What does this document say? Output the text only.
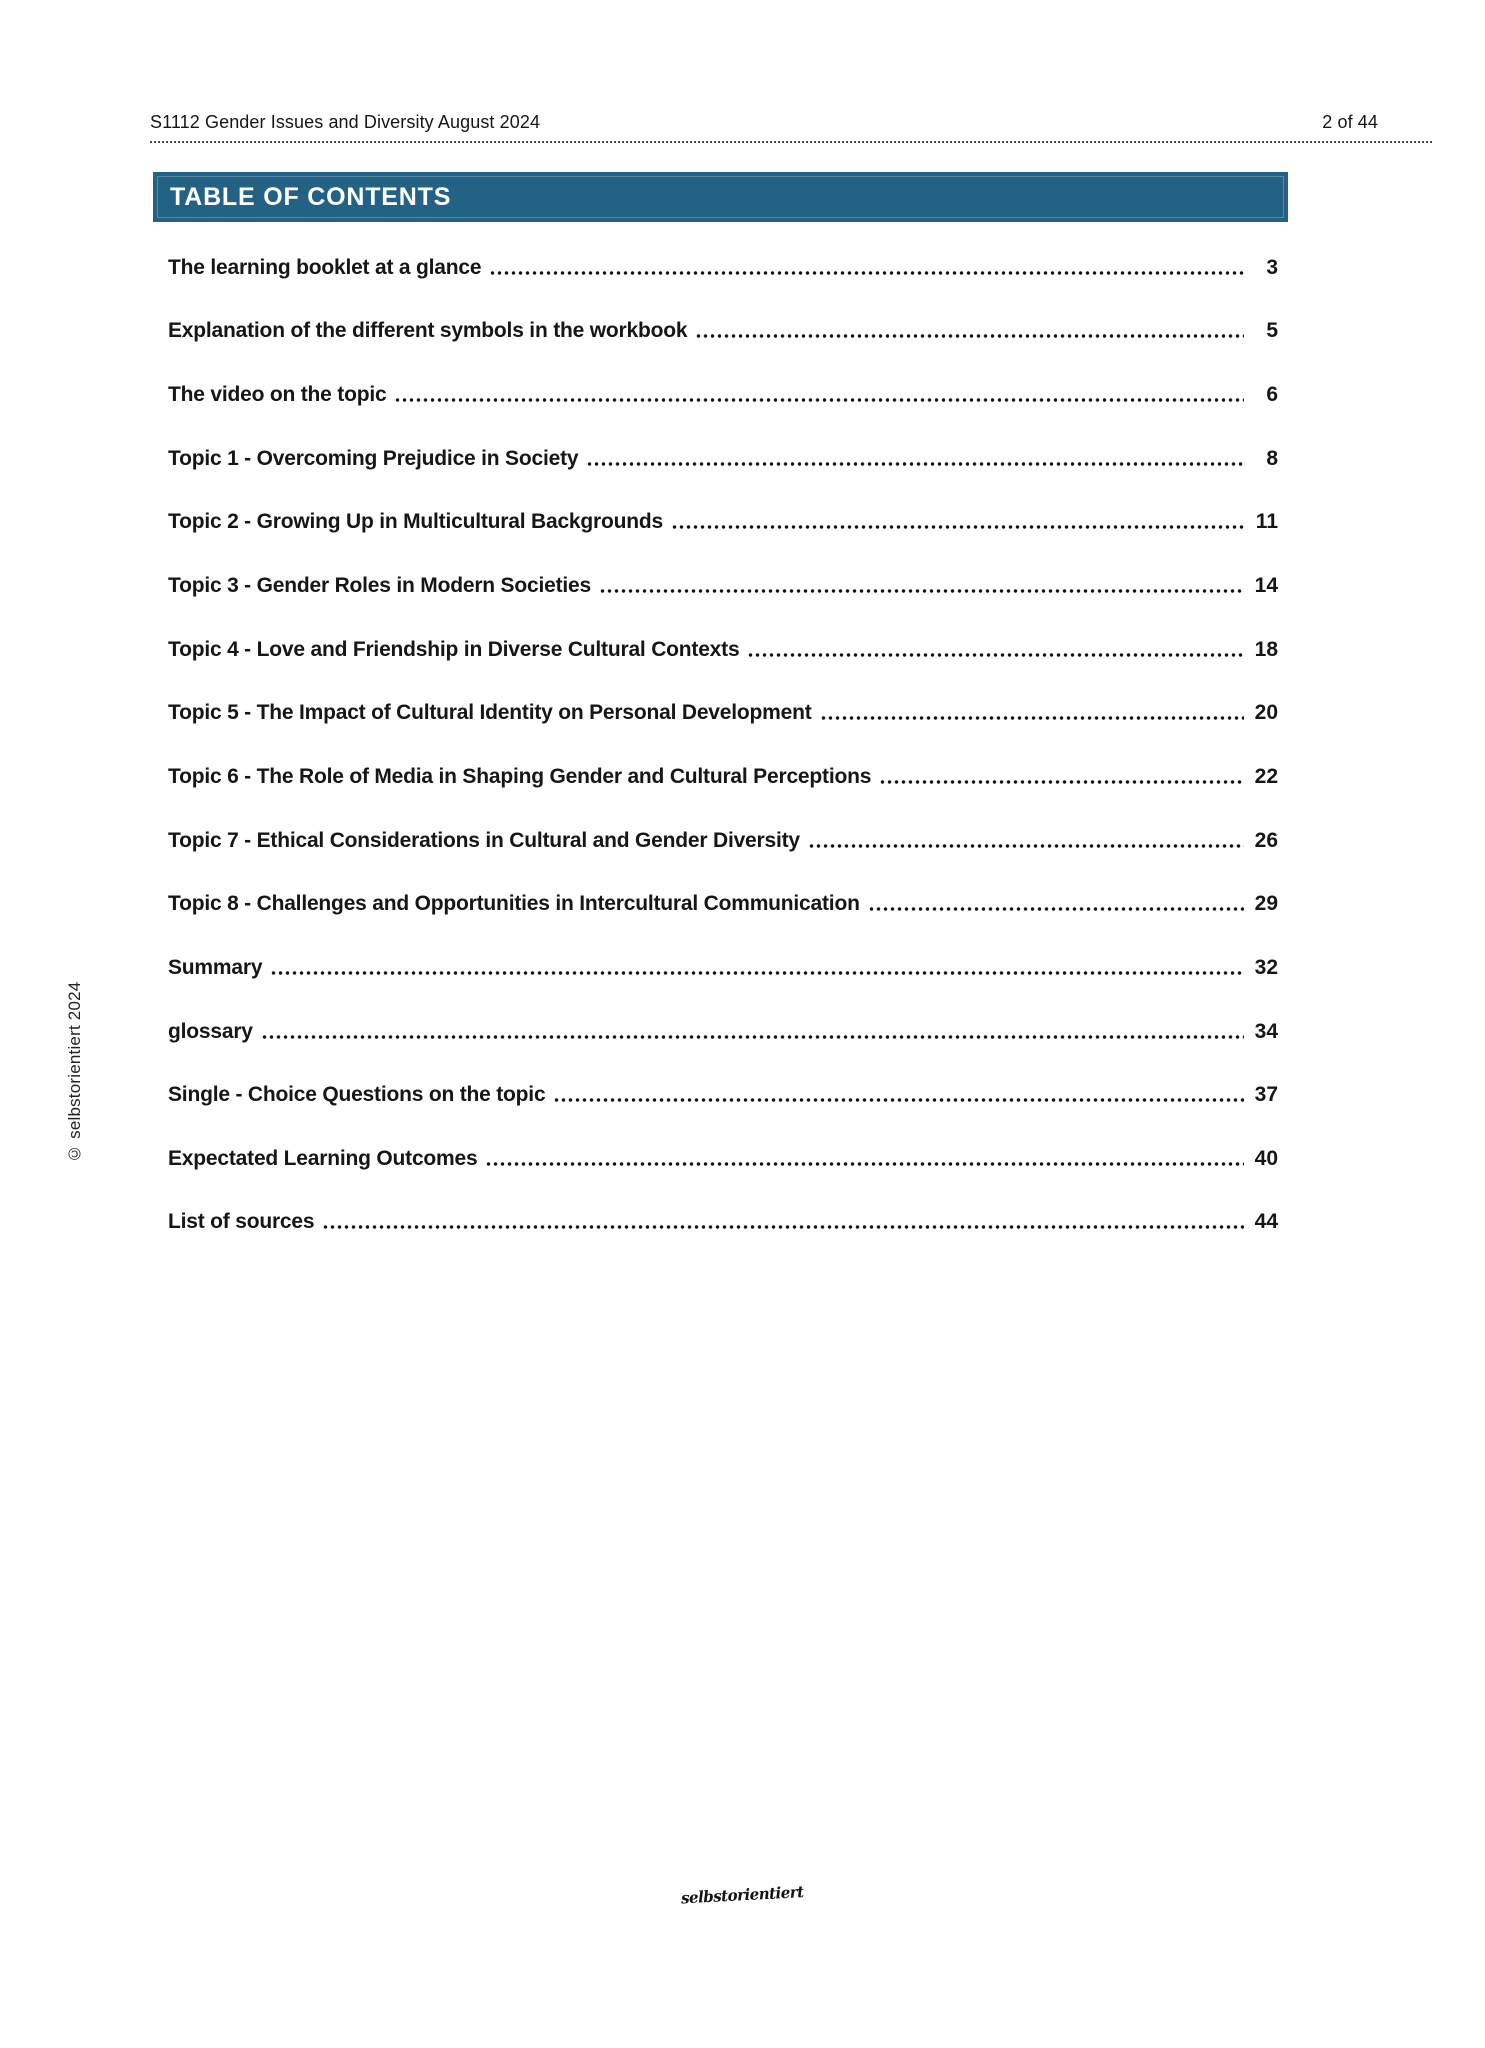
S1112 Gender Issues and Diversity August 2024	2 of 44
TABLE OF CONTENTS
The learning booklet at a glance	3
Explanation of the different symbols in the workbook	5
The video on the topic	6
Topic 1 - Overcoming Prejudice in Society	8
Topic 2 - Growing Up in Multicultural Backgrounds	11
Topic 3 - Gender Roles in Modern Societies	14
Topic 4 - Love and Friendship in Diverse Cultural Contexts	18
Topic 5 - The Impact of Cultural Identity on Personal Development	20
Topic 6 - The Role of Media in Shaping Gender and Cultural Perceptions	22
Topic 7 - Ethical Considerations in Cultural and Gender Diversity	26
Topic 8 - Challenges and Opportunities in Intercultural Communication	29
Summary	32
glossary	34
Single - Choice Questions on the topic	37
Expectated Learning Outcomes	40
List of sources	44
© selbstorientiert 2024
selbstorientiert
